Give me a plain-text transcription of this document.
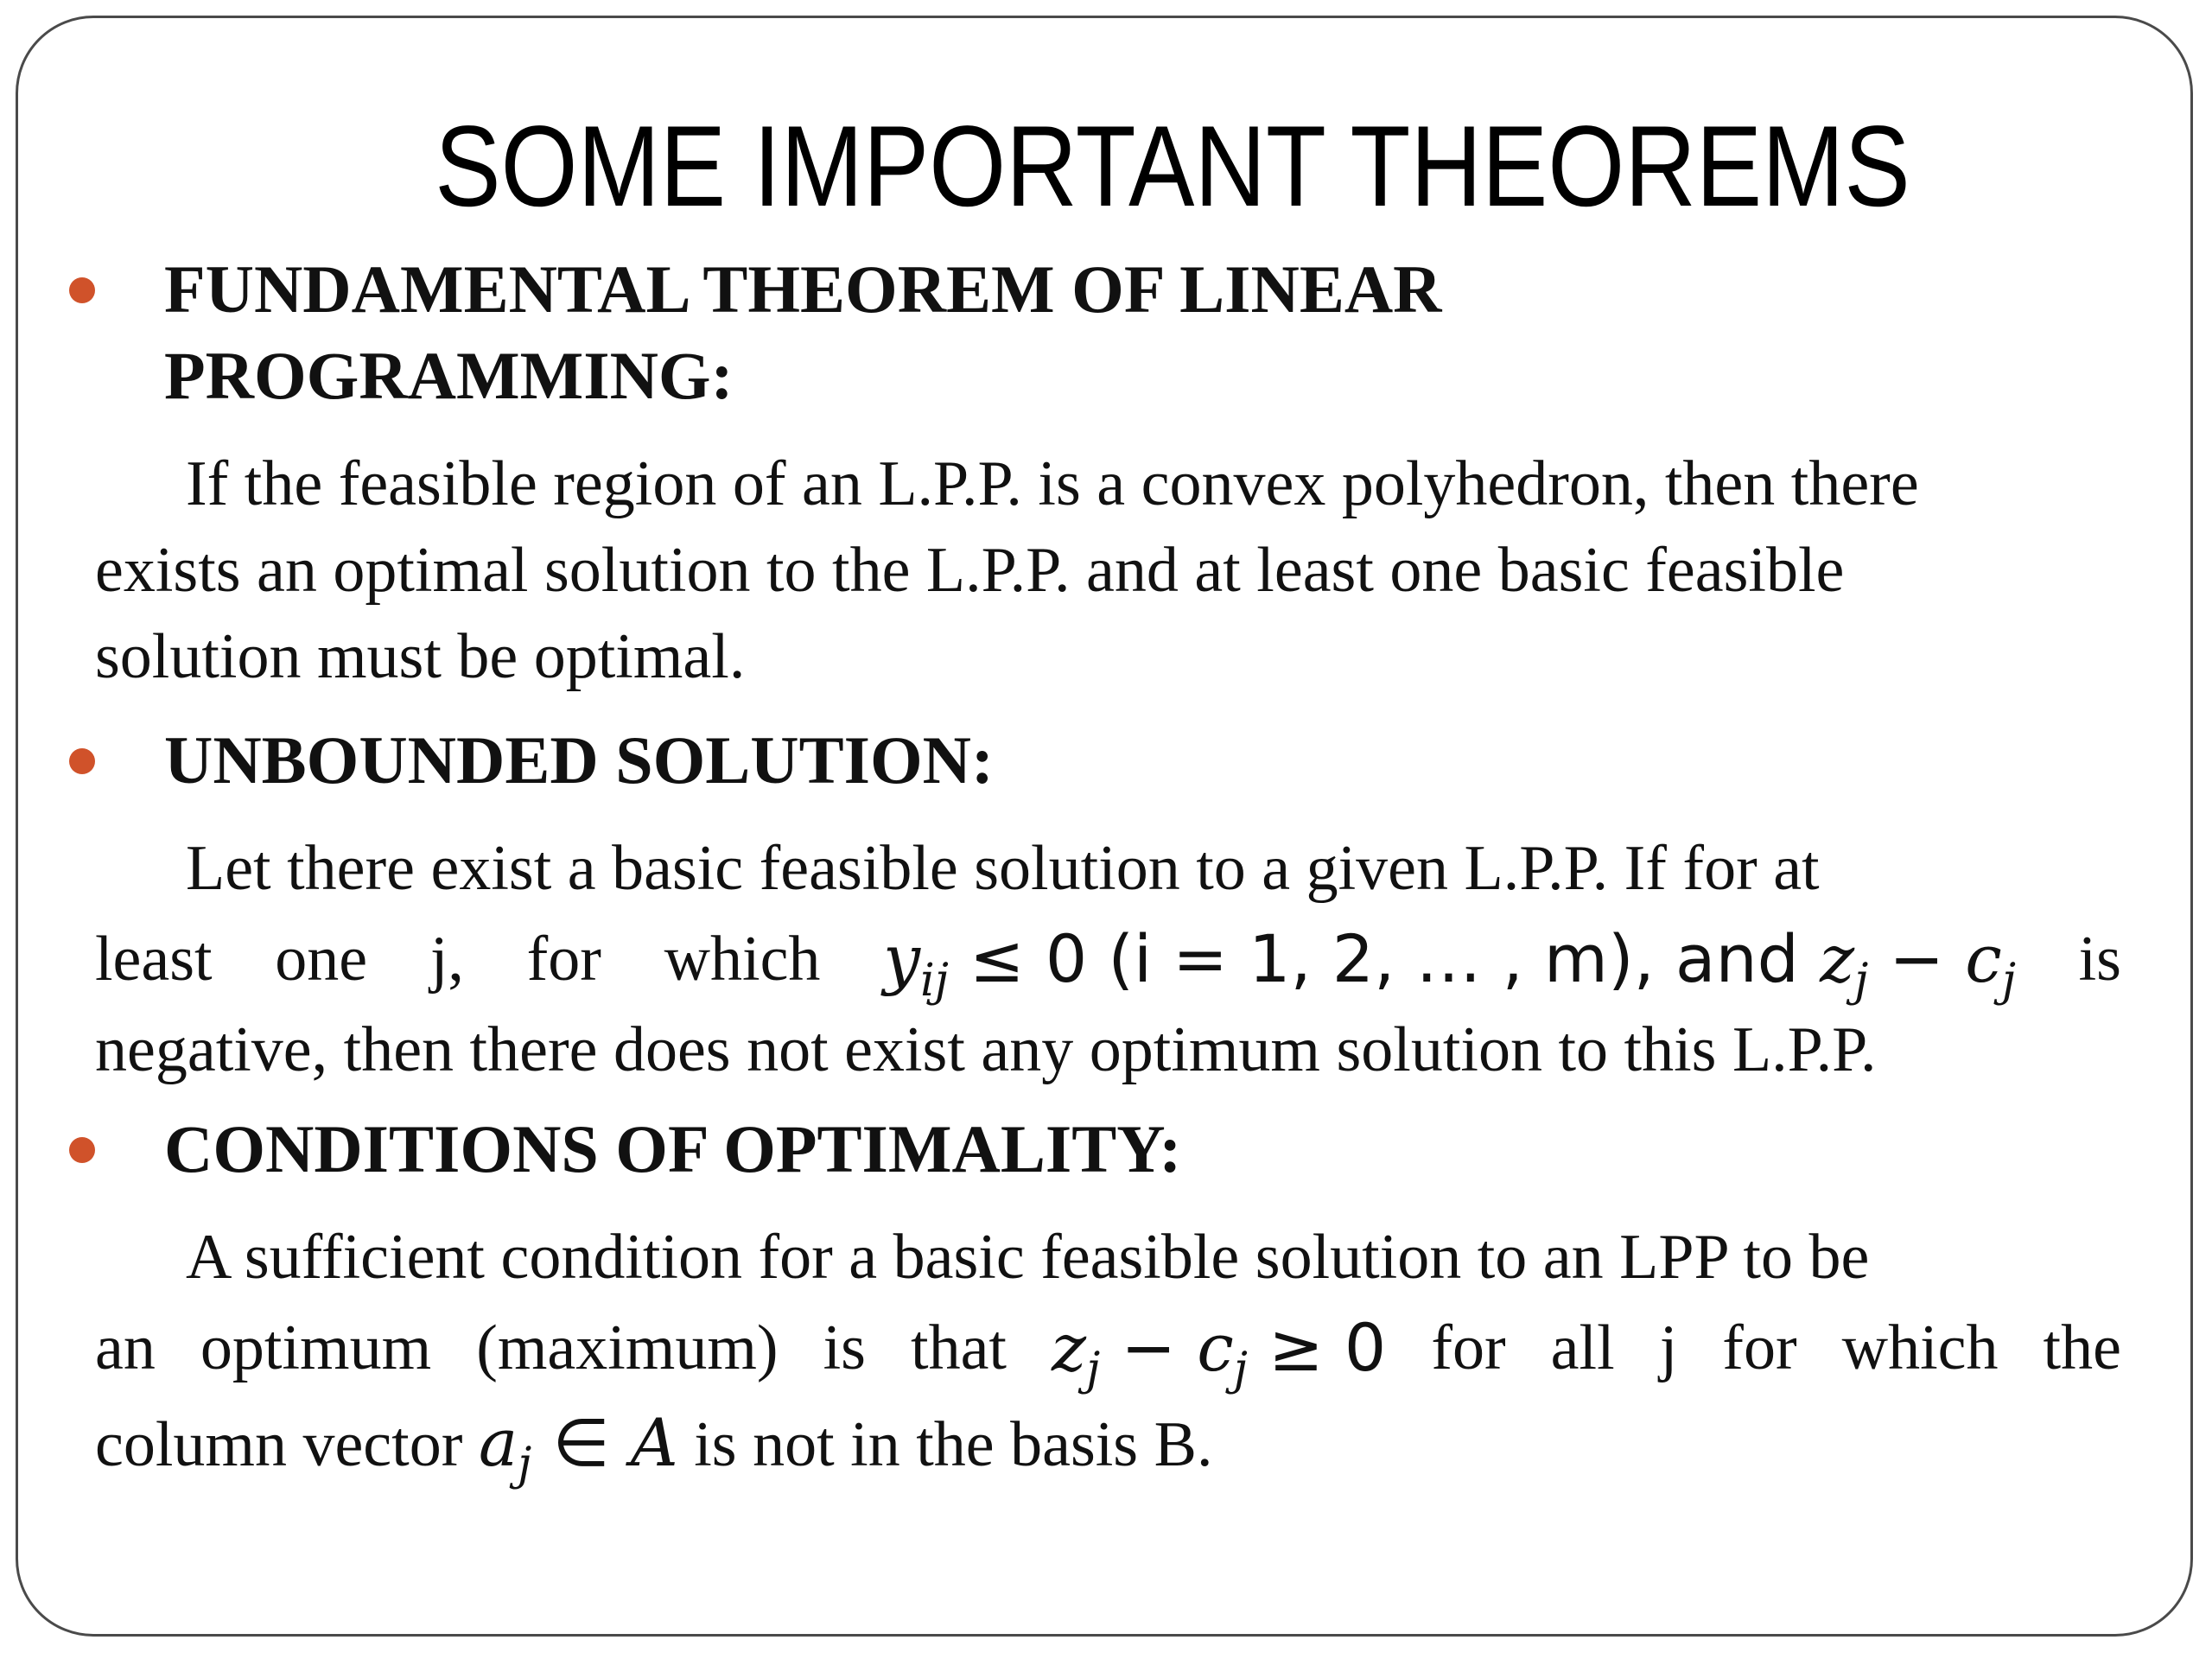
SOME IMPORTANT THEOREMS
FUNDAMENTAL THEOREM OF LINEAR
PROGRAMMING:
If the feasible region of an L.P.P. is a convex polyhedron, then there
exists an optimal solution to the L.P.P. and at least one basic feasible
solution must be optimal.
UNBOUNDED SOLUTION:
Let there exist a basic feasible solution to a given L.P.P. If for at
least one j, for which $y_{ij} \le 0$ (i = 1, 2, … , m), and $z_j - c_j$ is
negative, then there does not exist any optimum solution to this L.P.P.
CONDITIONS OF OPTIMALITY:
A sufficient condition for a basic feasible solution to an LPP to be
an optimum (maximum) is that $z_j - c_j \ge 0$ for all j for which the
column vector $a_j$ ∈ A is not in the basis B.
